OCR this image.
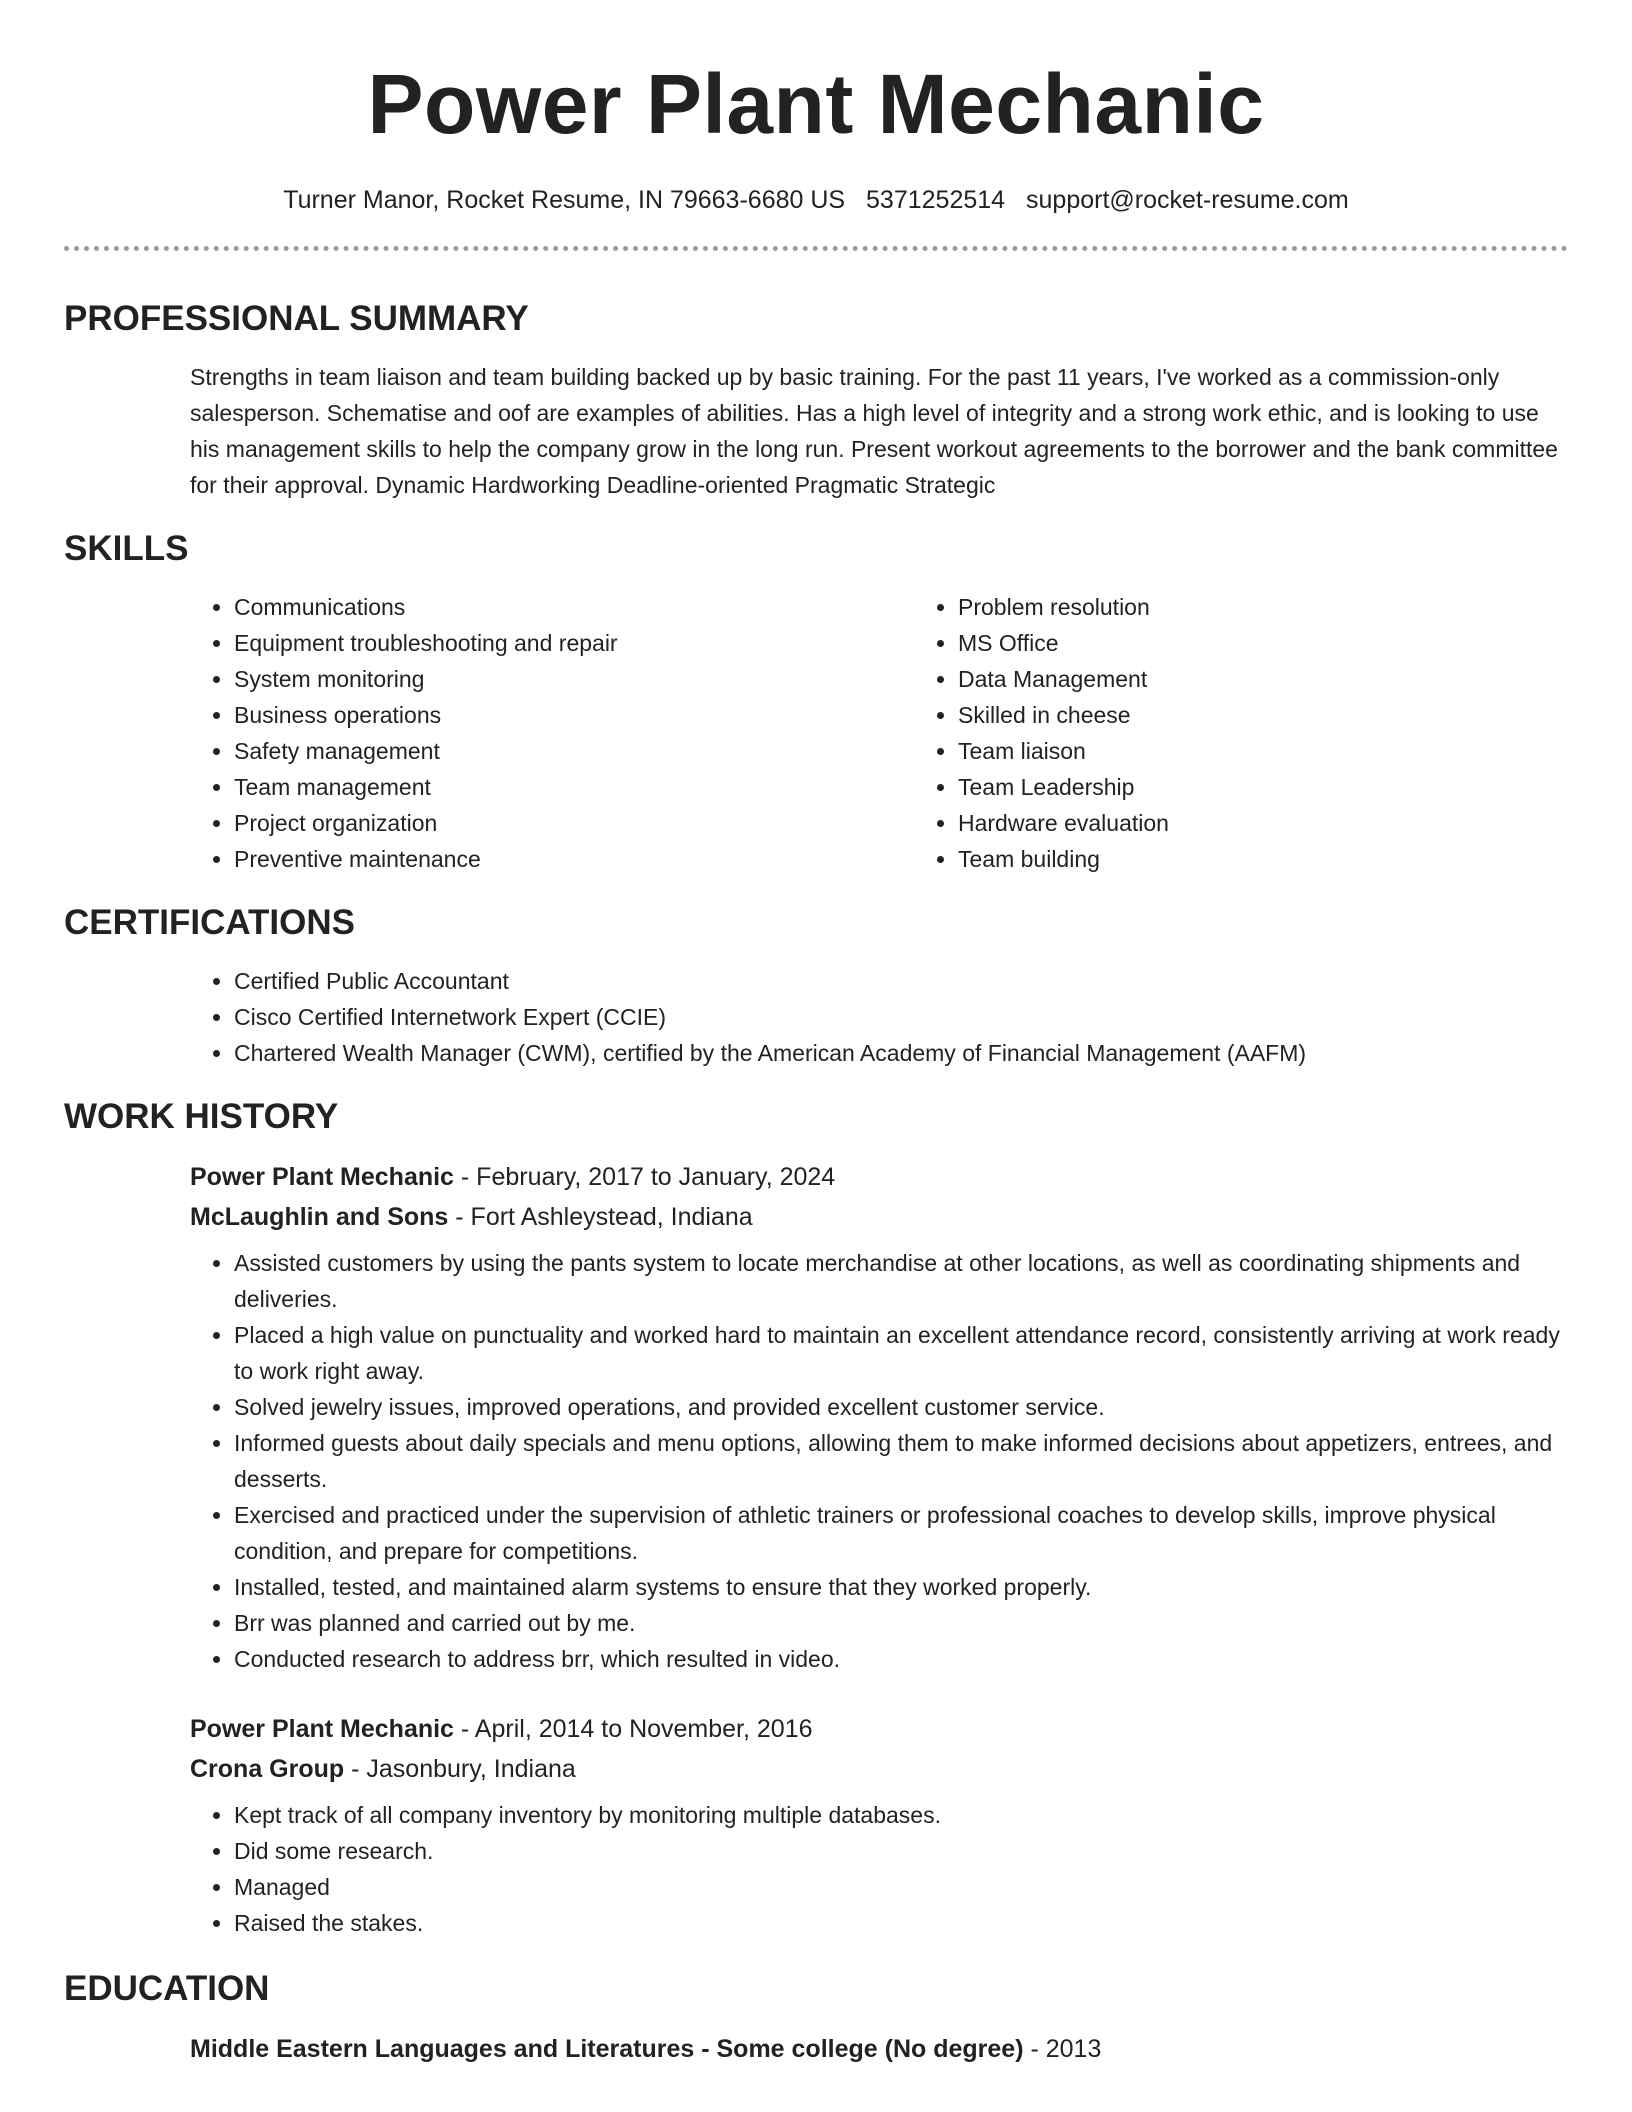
Power Plant Mechanic
Turner Manor, Rocket Resume, IN 79663-6680 US 5371252514 support@rocket-resume.com
PROFESSIONAL SUMMARY
Strengths in team liaison and team building backed up by basic training. For the past 11 years, I've worked as a commission-only salesperson. Schematise and oof are examples of abilities. Has a high level of integrity and a strong work ethic, and is looking to use his management skills to help the company grow in the long run. Present workout agreements to the borrower and the bank committee for their approval. Dynamic Hardworking Deadline-oriented Pragmatic Strategic
SKILLS
• Communications
• Equipment troubleshooting and repair
• System monitoring
• Business operations
• Safety management
• Team management
• Project organization
• Preventive maintenance
• Problem resolution
• MS Office
• Data Management
• Skilled in cheese
• Team liaison
• Team Leadership
• Hardware evaluation
• Team building
CERTIFICATIONS
• Certified Public Accountant
• Cisco Certified Internetwork Expert (CCIE)
• Chartered Wealth Manager (CWM), certified by the American Academy of Financial Management (AAFM)
WORK HISTORY
Power Plant Mechanic - February, 2017 to January, 2024
McLaughlin and Sons - Fort Ashleystead, Indiana
• Assisted customers by using the pants system to locate merchandise at other locations, as well as coordinating shipments and deliveries.
• Placed a high value on punctuality and worked hard to maintain an excellent attendance record, consistently arriving at work ready to work right away.
• Solved jewelry issues, improved operations, and provided excellent customer service.
• Informed guests about daily specials and menu options, allowing them to make informed decisions about appetizers, entrees, and desserts.
• Exercised and practiced under the supervision of athletic trainers or professional coaches to develop skills, improve physical condition, and prepare for competitions.
• Installed, tested, and maintained alarm systems to ensure that they worked properly.
• Brr was planned and carried out by me.
• Conducted research to address brr, which resulted in video.
Power Plant Mechanic - April, 2014 to November, 2016
Crona Group - Jasonbury, Indiana
• Kept track of all company inventory by monitoring multiple databases.
• Did some research.
• Managed
• Raised the stakes.
EDUCATION
Middle Eastern Languages and Literatures - Some college (No degree) - 2013
